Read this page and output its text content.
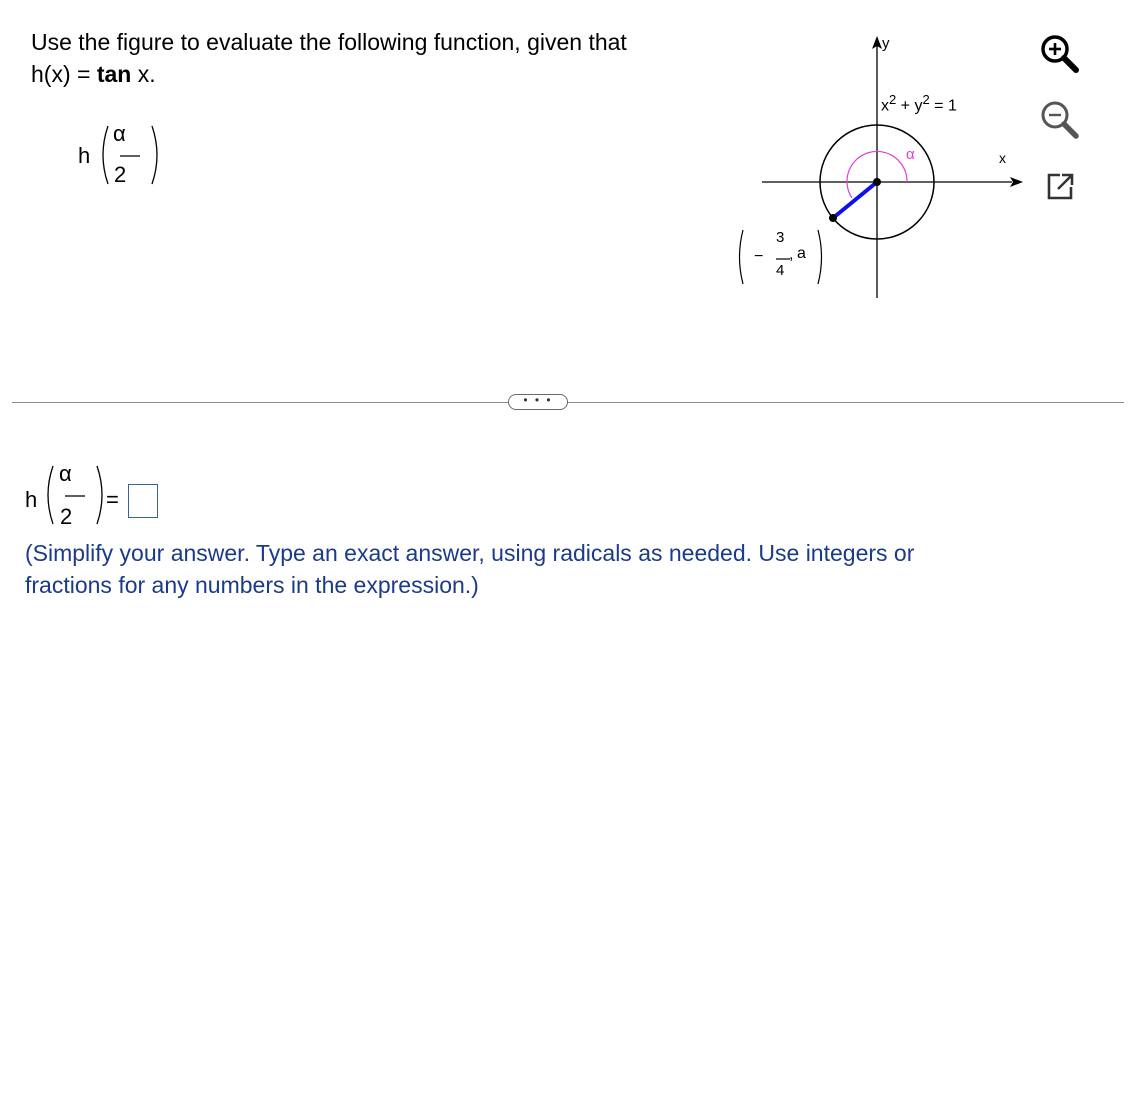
Use the figure to evaluate the following function, given that
h(x) = tan x.
h
α
2
y
x
α
$x^2 + y^2 = 1$
−
3
4
, a
• • •
h
α
2
=
(Simplify your answer. Type an exact answer, using radicals as needed. Use integers or
fractions for any numbers in the expression.)
